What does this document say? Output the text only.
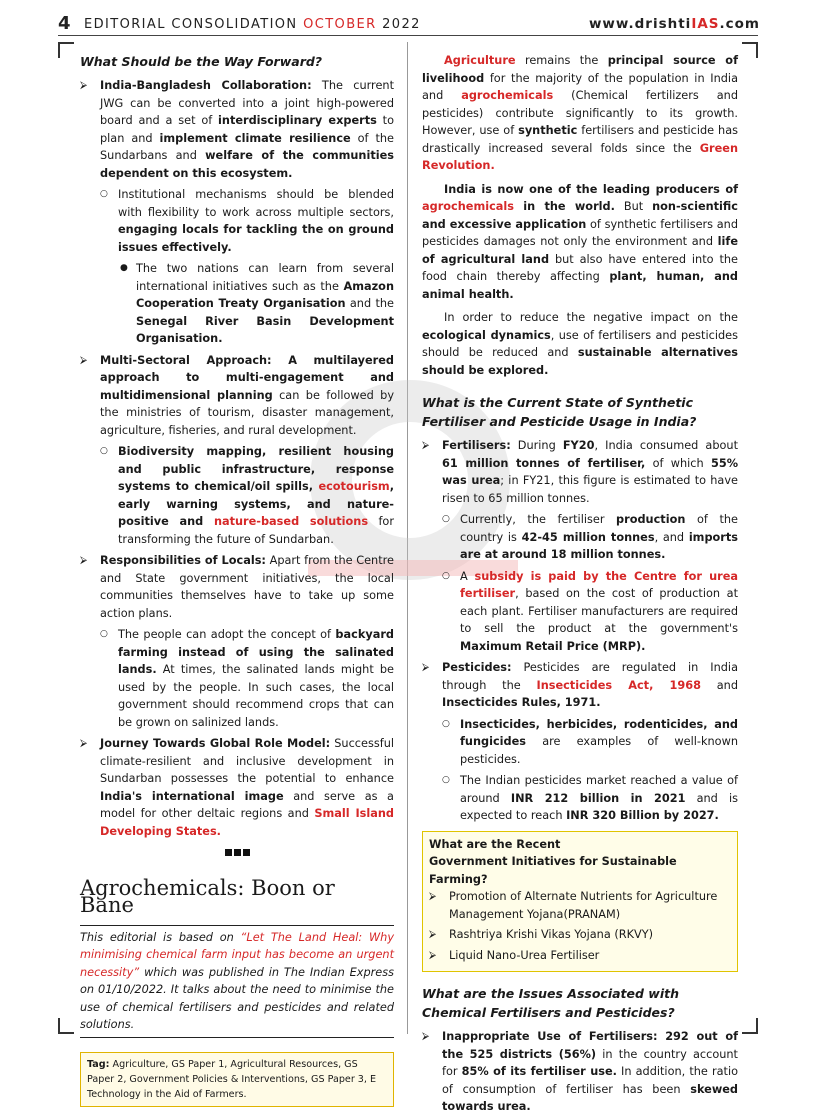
4 EDITORIAL CONSOLIDATION OCTOBER 2022	www.drishtiIAS.com
What Should be the Way Forward?
⮚ India-Bangladesh Collaboration: The current JWG can be converted into a joint high-powered board and a set of interdisciplinary experts to plan and implement climate resilience of the Sundarbans and welfare of the communities dependent on this ecosystem.
○ Institutional mechanisms should be blended with flexibility to work across multiple sectors, engaging locals for tackling the on ground issues effectively.
● The two nations can learn from several international initiatives such as the Amazon Cooperation Treaty Organisation and the Senegal River Basin Development Organisation.
⮚ Multi-Sectoral Approach: A multilayered approach to multi-engagement and multidimensional planning can be followed by the ministries of tourism, disaster management, agriculture, fisheries, and rural development.
○ Biodiversity mapping, resilient housing and public infrastructure, response systems to chemical/oil spills, ecotourism, early warning systems, and nature-positive and nature-based solutions for transforming the future of Sundarban.
⮚ Responsibilities of Locals: Apart from the Centre and State government initiatives, the local communities themselves have to take up some action plans.
○ The people can adopt the concept of backyard farming instead of using the salinated lands. At times, the salinated lands might be used by the people. In such cases, the local government should recommend crops that can be grown on salinized lands.
⮚ Journey Towards Global Role Model: Successful climate-resilient and inclusive development in Sundarban possesses the potential to enhance India's international image and serve as a model for other deltaic regions and Small Island Developing States.
Agrochemicals: Boon or Bane
This editorial is based on “Let The Land Heal: Why minimising chemical farm input has become an urgent necessity” which was published in The Indian Express on 01/10/2022. It talks about the need to minimise the use of chemical fertilisers and pesticides and related solutions.
Tag: Agriculture, GS Paper 1, Agricultural Resources, GS Paper 2, Government Policies & Interventions, GS Paper 3, E Technology in the Aid of Farmers.

Agriculture remains the principal source of livelihood for the majority of the population in India and agrochemicals (Chemical fertilizers and pesticides) contribute significantly to its growth. However, use of synthetic fertilisers and pesticide has drastically increased several folds since the Green Revolution.

India is now one of the leading producers of agrochemicals in the world. But non-scientific and excessive application of synthetic fertilisers and pesticides damages not only the environment and life of agricultural land but also have entered into the food chain thereby affecting plant, human, and animal health.

In order to reduce the negative impact on the ecological dynamics, use of fertilisers and pesticides should be reduced and sustainable alternatives should be explored.

What is the Current State of Synthetic Fertiliser and Pesticide Usage in India?
⮚ Fertilisers: During FY20, India consumed about 61 million tonnes of fertiliser, of which 55% was urea; in FY21, this figure is estimated to have risen to 65 million tonnes.
○ Currently, the fertiliser production of the country is 42-45 million tonnes, and imports are at around 18 million tonnes.
○ A subsidy is paid by the Centre for urea fertiliser, based on the cost of production at each plant. Fertiliser manufacturers are required to sell the product at the government's Maximum Retail Price (MRP).
⮚ Pesticides: Pesticides are regulated in India through the Insecticides Act, 1968 and Insecticides Rules, 1971.
○ Insecticides, herbicides, rodenticides, and fungicides are examples of well-known pesticides.
○ The Indian pesticides market reached a value of around INR 212 billion in 2021 and is expected to reach INR 320 Billion by 2027.
What are the Recent
Government Initiatives for Sustainable Farming?
⮚ Promotion of Alternate Nutrients for Agriculture Management Yojana(PRANAM)
⮚ Rashtriya Krishi Vikas Yojana (RKVY)
⮚ Liquid Nano-Urea Fertiliser
What are the Issues Associated with Chemical Fertilisers and Pesticides?
⮚ Inappropriate Use of Fertilisers: 292 out of the 525 districts (56%) in the country account for 85% of its fertiliser use. In addition, the ratio of consumption of fertiliser has been skewed towards urea.
